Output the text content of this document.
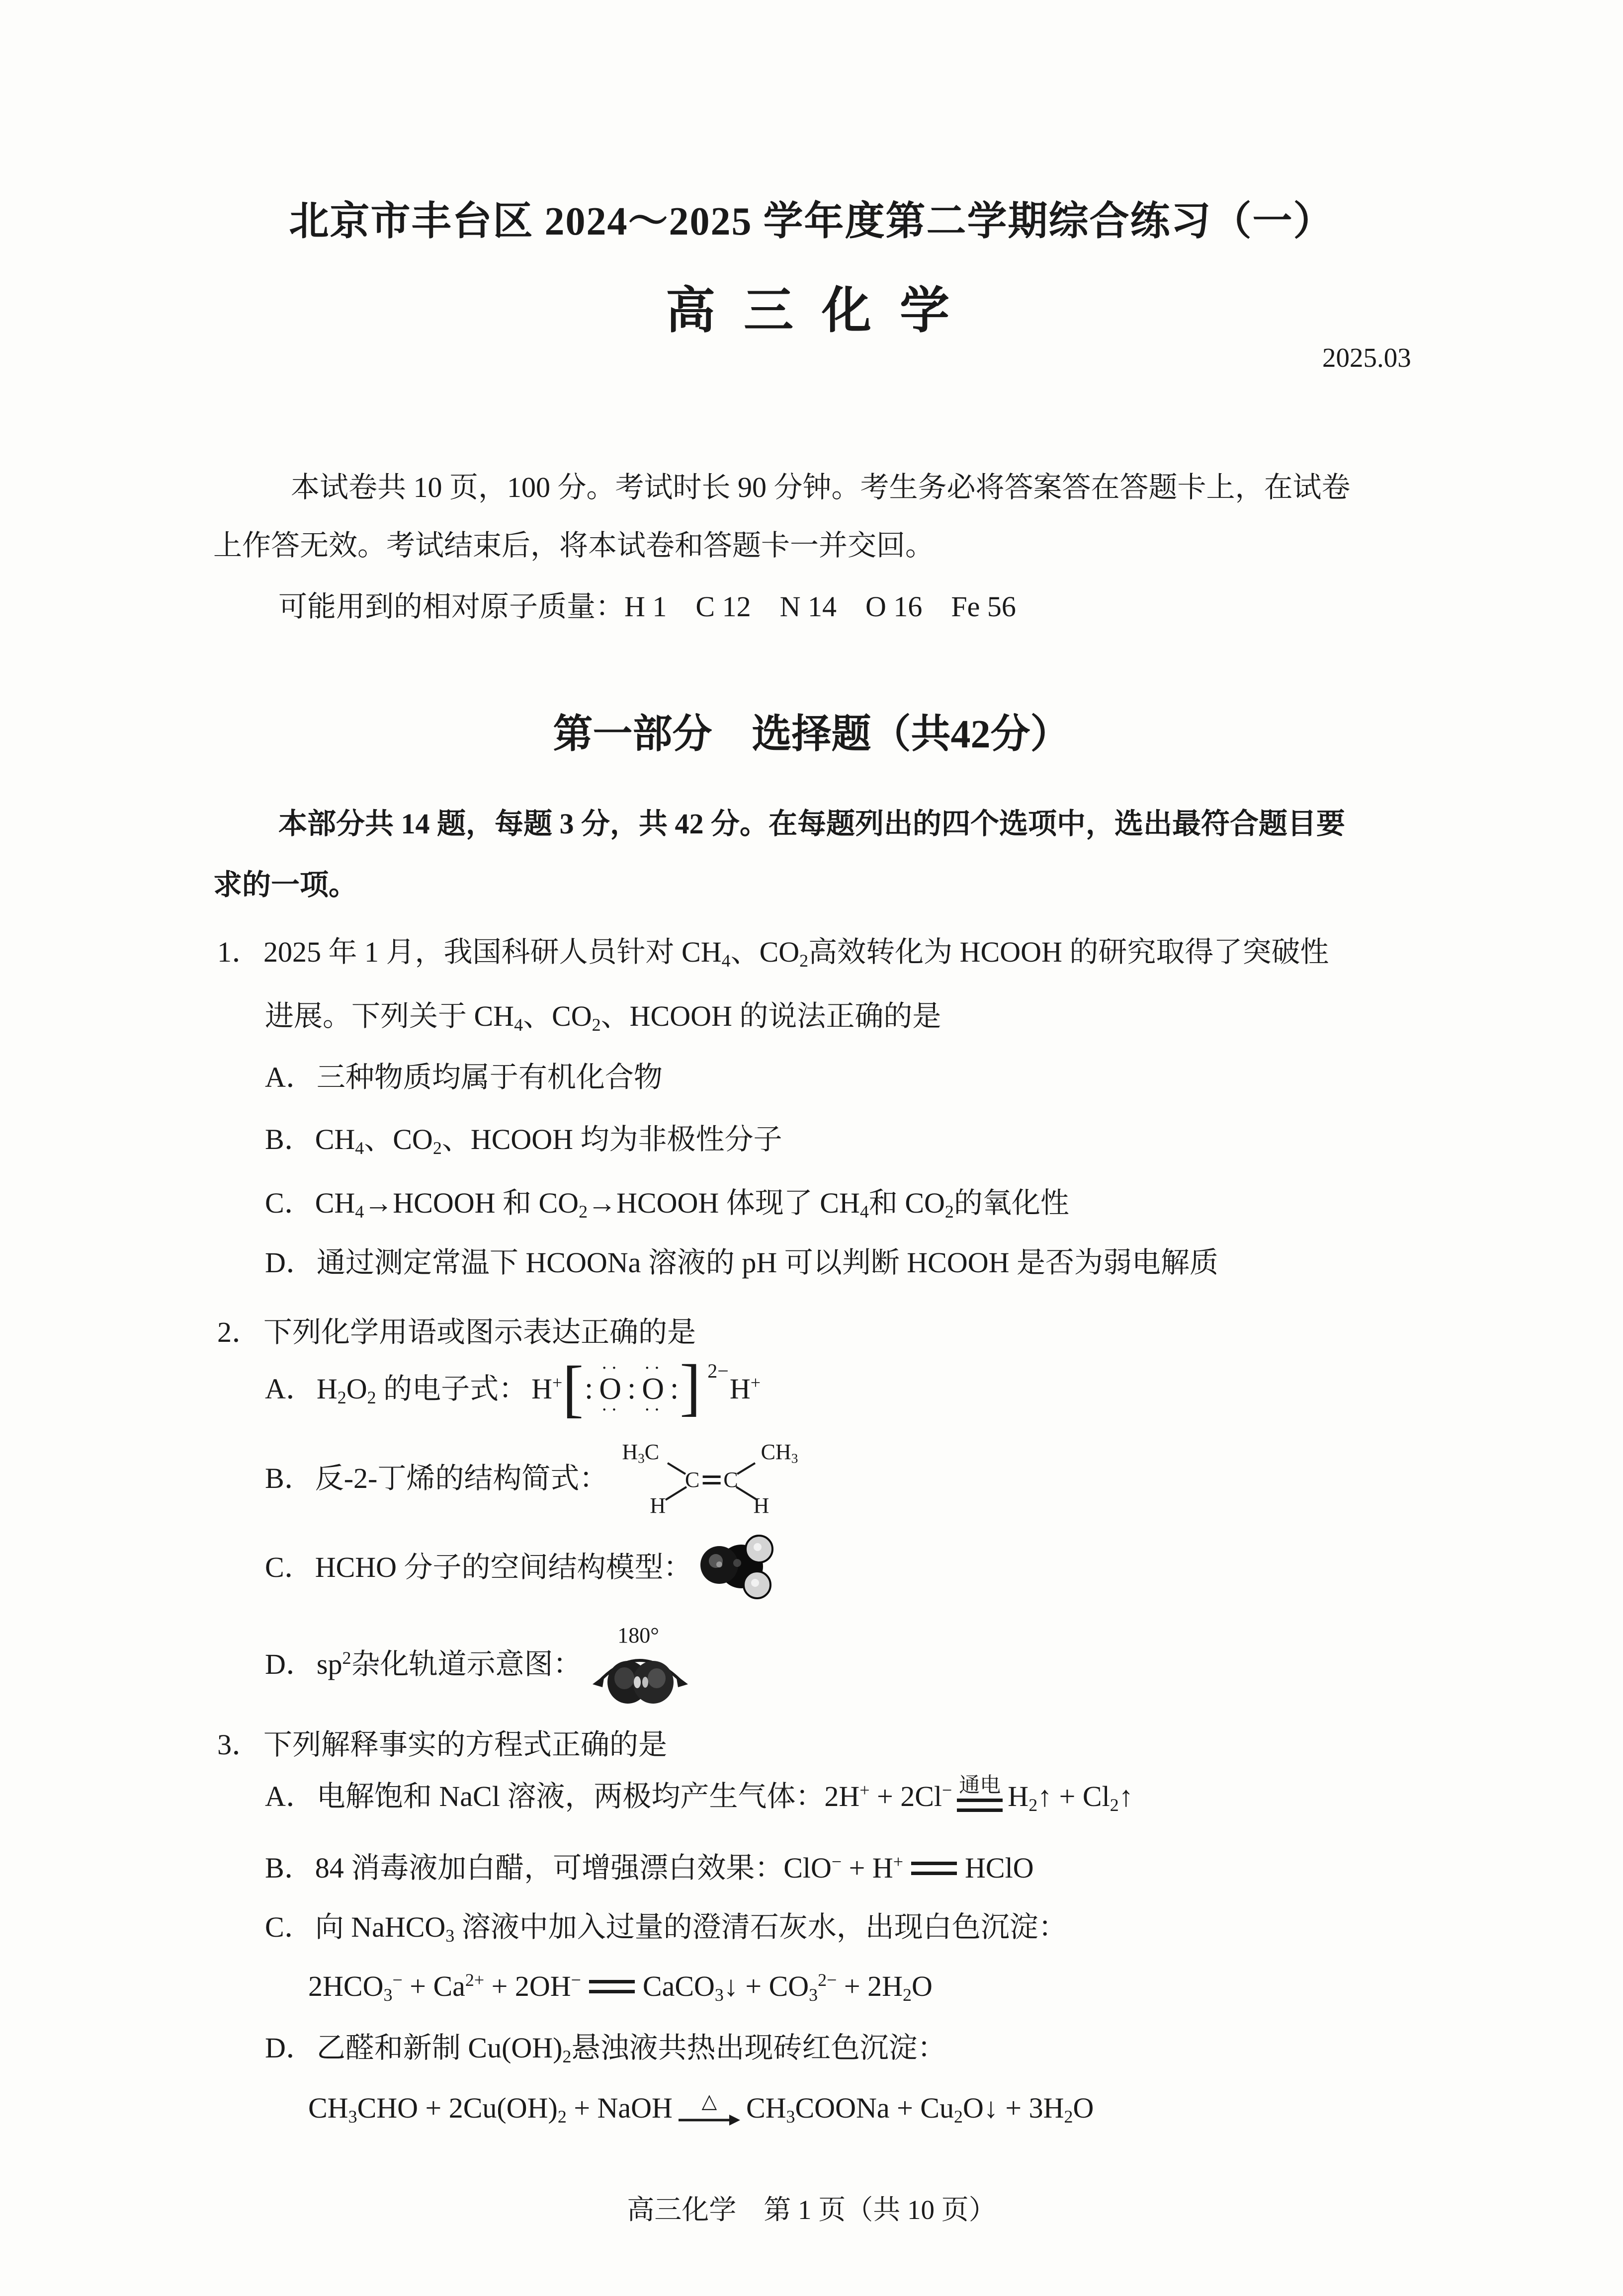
北京市丰台区 2024～2025 学年度第二学期综合练习（一）
高 三 化 学
2025.03
本试卷共 10 页，100 分。考试时长 90 分钟。考生务必将答案答在答题卡上，在试卷
上作答无效。考试结束后，将本试卷和答题卡一并交回。
可能用到的相对原子质量：H 1　C 12　N 14　O 16　Fe 56
第一部分　选择题（共42分）
本部分共 14 题，每题 3 分，共 42 分。在每题列出的四个选项中，选出最符合题目要
求的一项。
1． 2025 年 1 月，我国科研人员针对 $CH_4$、$CO_2$高效转化为 HCOOH 的研究取得了突破性
进展。下列关于 $CH_4$、$CO_2$、HCOOH 的说法正确的是
A．三种物质均属于有机化合物
B．$CH_4$、$CO_2$、HCOOH 均为非极性分子
C．$CH_4\to HCOOH$ 和 $CO_2\to HCOOH$ 体现了 $CH_4$和 $CO_2$的氧化性
D．通过测定常温下 HCOONa 溶液的 pH 可以判断 HCOOH 是否为弱电解质
2． 下列化学用语或图示表达正确的是
A． $H_2O_2$ 的电子式： H+ [ : ·· O ·· : ·· O ·· : ] 2−
H+
B． 反-2-丁烯的结构简式：
$H_3C$	$CH_3$
C C
H	H
C． HCHO 分子的空间结构模型：
D． $sp^2$杂化轨道示意图：
180°
3． 下列解释事实的方程式正确的是
A． 电解饱和 NaCl 溶液，两极均产生气体： 2H+ + 2Cl− 通电 $H_2↑$ + $Cl_2↑$
B． 84 消毒液加白醋，可增强漂白效果：ClO− + H+ HClO
C．向 NaHCO$_3$ 溶液中加入过量的澄清石灰水，出现白色沉淀：
$2HCO_3^- + Ca^{2+} + 2OH^-$ CaCO$_3$↓ + $CO_3^{2-} + 2H_2O$
D．乙醛和新制 $Cu(OH)_2$悬浊液共热出现砖红色沉淀：
$CH_3CHO + 2Cu(OH)_2$ + NaOH △ $CH_3COONa$ + $Cu_2O↓ + 3H_2O$
高三化学　第 1 页（共 10 页）
